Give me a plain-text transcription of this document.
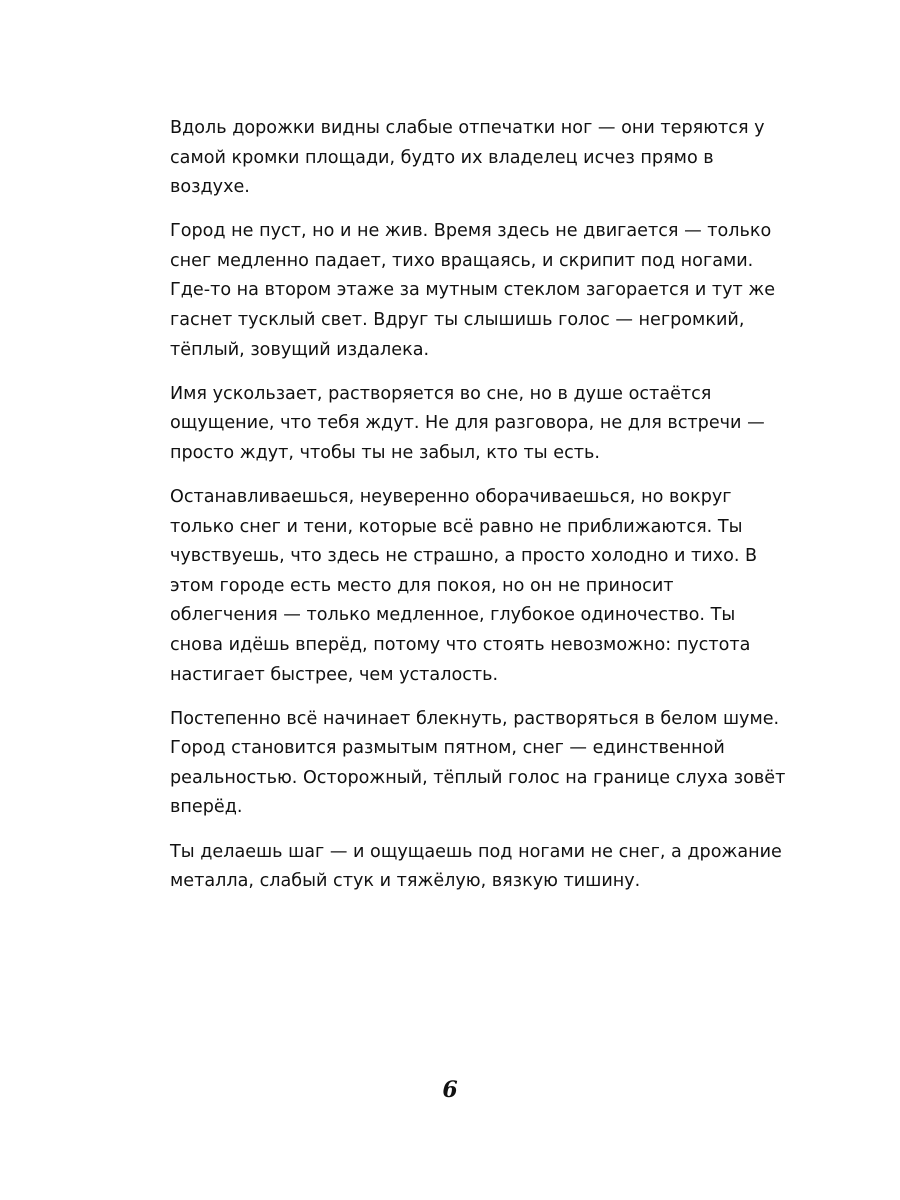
Вдоль дорожки видны слабые отпечатки ног — они теряются у
самой кромки площади, будто их владелец исчез прямо в
воздухе.

Город не пуст, но и не жив. Время здесь не двигается — только
снег медленно падает, тихо вращаясь, и скрипит под ногами.
Где-то на втором этаже за мутным стеклом загорается и тут же
гаснет тусклый свет. Вдруг ты слышишь голос — негромкий,
тёплый, зовущий издалека.

Имя ускользает, растворяется во сне, но в душе остаётся
ощущение, что тебя ждут. Не для разговора, не для встречи —
просто ждут, чтобы ты не забыл, кто ты есть.

Останавливаешься, неуверенно оборачиваешься, но вокруг
только снег и тени, которые всё равно не приближаются. Ты
чувствуешь, что здесь не страшно, а просто холодно и тихо. В
этом городе есть место для покоя, но он не приносит
облегчения — только медленное, глубокое одиночество. Ты
снова идёшь вперёд, потому что стоять невозможно: пустота
настигает быстрее, чем усталость.

Постепенно всё начинает блекнуть, растворяться в белом шуме.
Город становится размытым пятном, снег — единственной
реальностью. Осторожный, тёплый голос на границе слуха зовёт
вперёд.

Ты делаешь шаг — и ощущаешь под ногами не снег, а дрожание
металла, слабый стук и тяжёлую, вязкую тишину.

6
